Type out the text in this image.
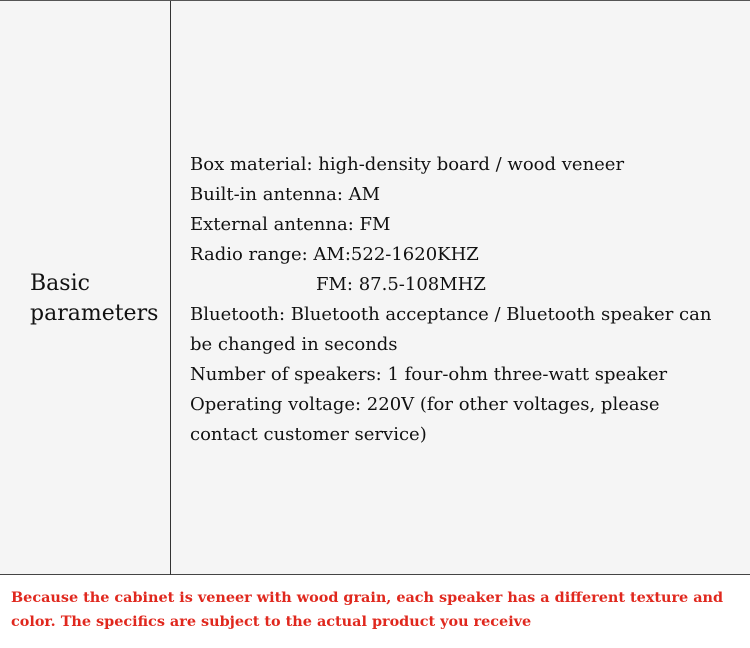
Basic
parameters
Box material: high-density board / wood veneer
Built-in antenna: AM
External antenna: FM
Radio range: AM:522-1620KHZ
FM: 87.5-108MHZ
Bluetooth: Bluetooth acceptance / Bluetooth speaker can
be changed in seconds
Number of speakers: 1 four-ohm three-watt speaker
Operating voltage: 220V (for other voltages, please
contact customer service)
Because the cabinet is veneer with wood grain, each speaker has a different texture and color. The specifics are subject to the actual product you receive
